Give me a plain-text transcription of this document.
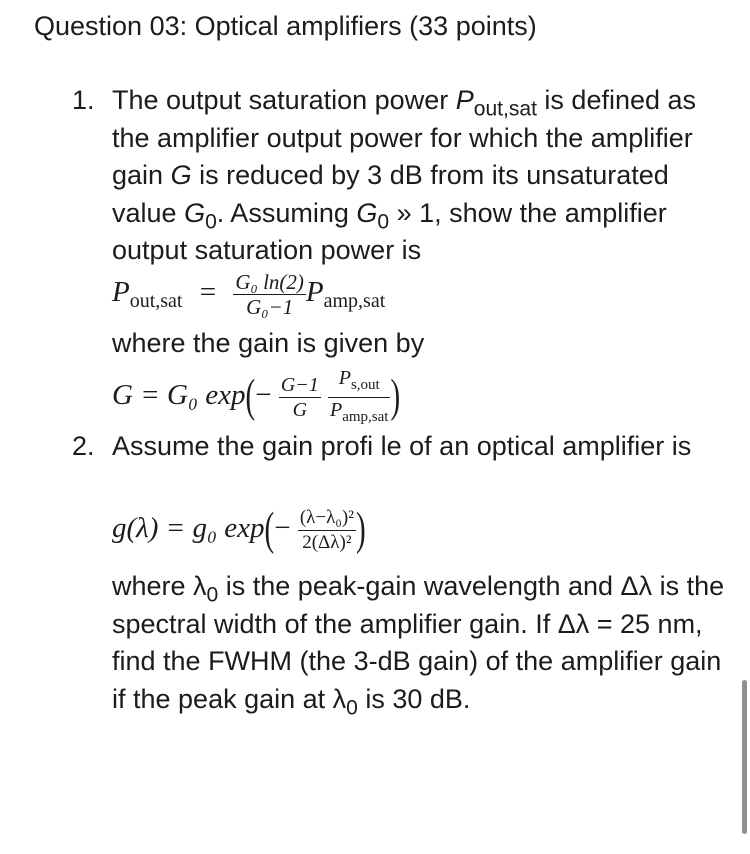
Question 03: Optical amplifiers (33 points)
1. The output saturation power $P_{out,sat}$ is defined as the amplifier output power for which the amplifier gain G is reduced by 3 dB from its unsaturated value $G_0$. Assuming $G_0$ » 1, show the amplifier output saturation power is
$P_{out,sat} = \frac{\text{G₀ ln(2)}}{\text{G₀−1}} P_{amp,sat}$
where the gain is given by
G = G₀ $\exp(- \frac{G-1}{G}$
$\frac{P_{s,out}}{P_{amp,sat}}$ )
2. Assume the gain profi le of an optical amplifier is
g(λ) = g₀ $\exp(- \frac{\text{(λ−λ₀)²}}{\text{2(Δλ)²}}$ )
where $\lambda_0$ is the peak-gain wavelength and Δλ is the spectral width of the amplifier gain. If Δλ = 25 nm, find the FWHM (the 3-dB gain) of the amplifier gain if the peak gain at $\lambda_0$ is 30 dB.
